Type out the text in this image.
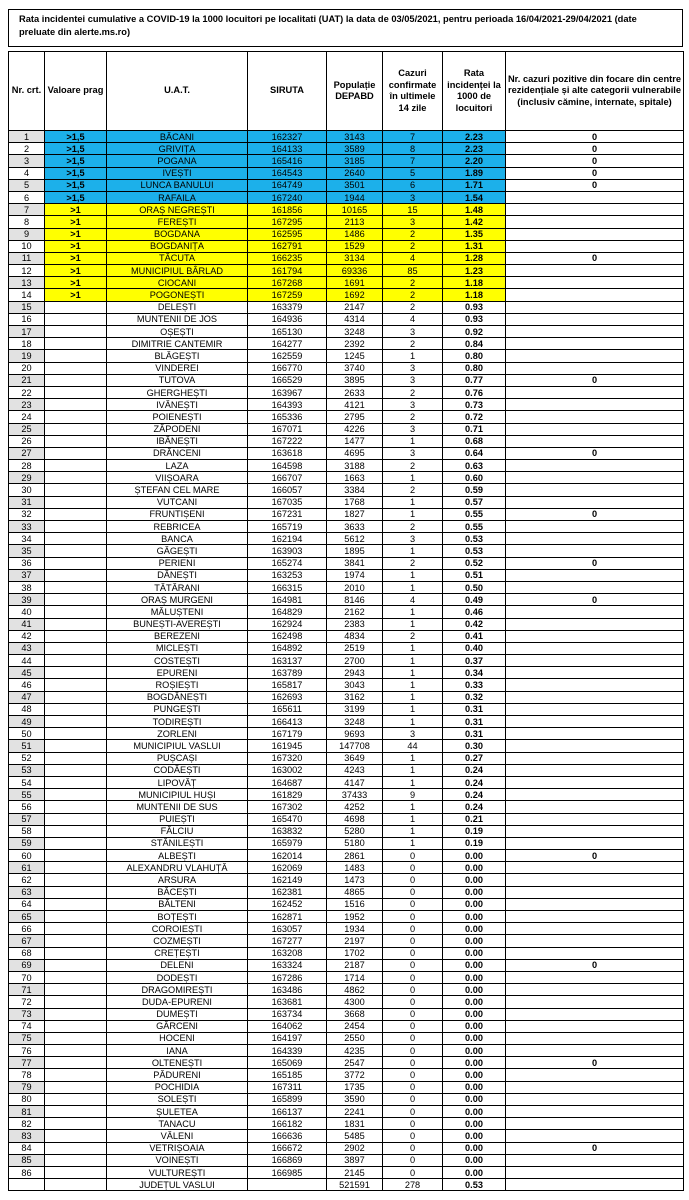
Rata incidentei cumulative a COVID-19 la 1000 locuitori pe localitati (UAT) la data de 03/05/2021, pentru perioada 16/04/2021-29/04/2021 (date preluate din alerte.ms.ro)
Nr. crt.	Valoare prag	U.A.T.	SIRUTA	Populație DEPABD	Cazuri confirmate în ultimele 14 zile	Rata incidenței la 1000 de locuitori	Nr. cazuri pozitive din focare din centre rezidențiale și alte categorii vulnerabile (inclusiv cămine, internate, spitale)
1	>1,5	BĂCANI	162327	3143	7	2.23	0
2	>1,5	GRIVIȚA	164133	3589	8	2.23	0
3	>1,5	POGANA	165416	3185	7	2.20	0
4	>1,5	IVEȘTI	164543	2640	5	1.89	0
5	>1,5	LUNCA BANULUI	164749	3501	6	1.71	0
6	>1,5	RAFAILA	167240	1944	3	1.54	
7	>1	ORAȘ NEGREȘTI	161856	10165	15	1.48	
8	>1	FEREȘTI	167295	2113	3	1.42	
9	>1	BOGDANA	162595	1486	2	1.35	
10	>1	BOGDANIȚA	162791	1529	2	1.31	
11	>1	TĂCUTA	166235	3134	4	1.28	0
12	>1	MUNICIPIUL BÂRLAD	161794	69336	85	1.23	
13	>1	CIOCANI	167268	1691	2	1.18	
14	>1	POGONEȘTI	167259	1692	2	1.18	
15		DELEȘTI	163379	2147	2	0.93	
16		MUNTENII DE JOS	164936	4314	4	0.93	
17		OȘEȘTI	165130	3248	3	0.92	
18		DIMITRIE CANTEMIR	164277	2392	2	0.84	
19		BLĂGEȘTI	162559	1245	1	0.80	
20		VINDEREI	166770	3740	3	0.80	
21		TUTOVA	166529	3895	3	0.77	0
22		GHERGHEȘTI	163967	2633	2	0.76	
23		IVĂNEȘTI	164393	4121	3	0.73	
24		POIENEȘTI	165336	2795	2	0.72	
25		ZĂPODENI	167071	4226	3	0.71	
26		IBĂNEȘTI	167222	1477	1	0.68	
27		DRĂNCENI	163618	4695	3	0.64	0
28		LAZA	164598	3188	2	0.63	
29		VIIȘOARA	166707	1663	1	0.60	
30		ȘTEFAN CEL MARE	166057	3384	2	0.59	
31		VUTCANI	167035	1768	1	0.57	
32		FRUNTIȘENI	167231	1827	1	0.55	0
33		REBRICEA	165719	3633	2	0.55	
34		BANCA	162194	5612	3	0.53	
35		GĂGEȘTI	163903	1895	1	0.53	
36		PERIENI	165274	3841	2	0.52	0
37		DĂNEȘTI	163253	1974	1	0.51	
38		TĂTĂRANI	166315	2010	1	0.50	
39		ORAȘ MURGENI	164981	8146	4	0.49	0
40		MĂLUȘTENI	164829	2162	1	0.46	
41		BUNEȘTI-AVEREȘTI	162924	2383	1	0.42	
42		BEREZENI	162498	4834	2	0.41	
43		MICLEȘTI	164892	2519	1	0.40	
44		COSTEȘTI	163137	2700	1	0.37	
45		EPURENI	163789	2943	1	0.34	
46		ROȘIEȘTI	165817	3043	1	0.33	
47		BOGDĂNEȘTI	162693	3162	1	0.32	
48		PUNGEȘTI	165611	3199	1	0.31	
49		TODIREȘTI	166413	3248	1	0.31	
50		ZORLENI	167179	9693	3	0.31	
51		MUNICIPIUL VASLUI	161945	147708	44	0.30	
52		PUȘCAȘI	167320	3649	1	0.27	
53		CODĂEȘTI	163002	4243	1	0.24	
54		LIPOVĂȚ	164687	4147	1	0.24	
55		MUNICIPIUL HUȘI	161829	37433	9	0.24	
56		MUNTENII DE SUS	167302	4252	1	0.24	
57		PUIEȘTI	165470	4698	1	0.21	
58		FĂLCIU	163832	5280	1	0.19	
59		STĂNILEȘTI	165979	5180	1	0.19	
60		ALBEȘTI	162014	2861	0	0.00	0
61		ALEXANDRU VLAHUȚĂ	162069	1483	0	0.00	
62		ARSURA	162149	1473	0	0.00	
63		BĂCEȘTI	162381	4865	0	0.00	
64		BĂLTENI	162452	1516	0	0.00	
65		BOȚEȘTI	162871	1952	0	0.00	
66		COROIEȘTI	163057	1934	0	0.00	
67		COZMEȘTI	167277	2197	0	0.00	
68		CREȚEȘTI	163208	1702	0	0.00	
69		DELENI	163324	2187	0	0.00	0
70		DODEȘTI	167286	1714	0	0.00	
71		DRAGOMIREȘTI	163486	4862	0	0.00	
72		DUDA-EPURENI	163681	4300	0	0.00	
73		DUMEȘTI	163734	3668	0	0.00	
74		GÂRCENI	164062	2454	0	0.00	
75		HOCENI	164197	2550	0	0.00	
76		IANA	164339	4235	0	0.00	
77		OLTENEȘTI	165069	2547	0	0.00	0
78		PĂDURENI	165185	3772	0	0.00	
79		POCHIDIA	167311	1735	0	0.00	
80		SOLEȘTI	165899	3590	0	0.00	
81		ȘULETEA	166137	2241	0	0.00	
82		TANACU	166182	1831	0	0.00	
83		VĂLENI	166636	5485	0	0.00	
84		VETRIȘOAIA	166672	2902	0	0.00	0
85		VOINEȘTI	166869	3897	0	0.00	
86		VULTUREȘTI	166985	2145	0	0.00	
		JUDEȚUL VASLUI		521591	278	0.53	
